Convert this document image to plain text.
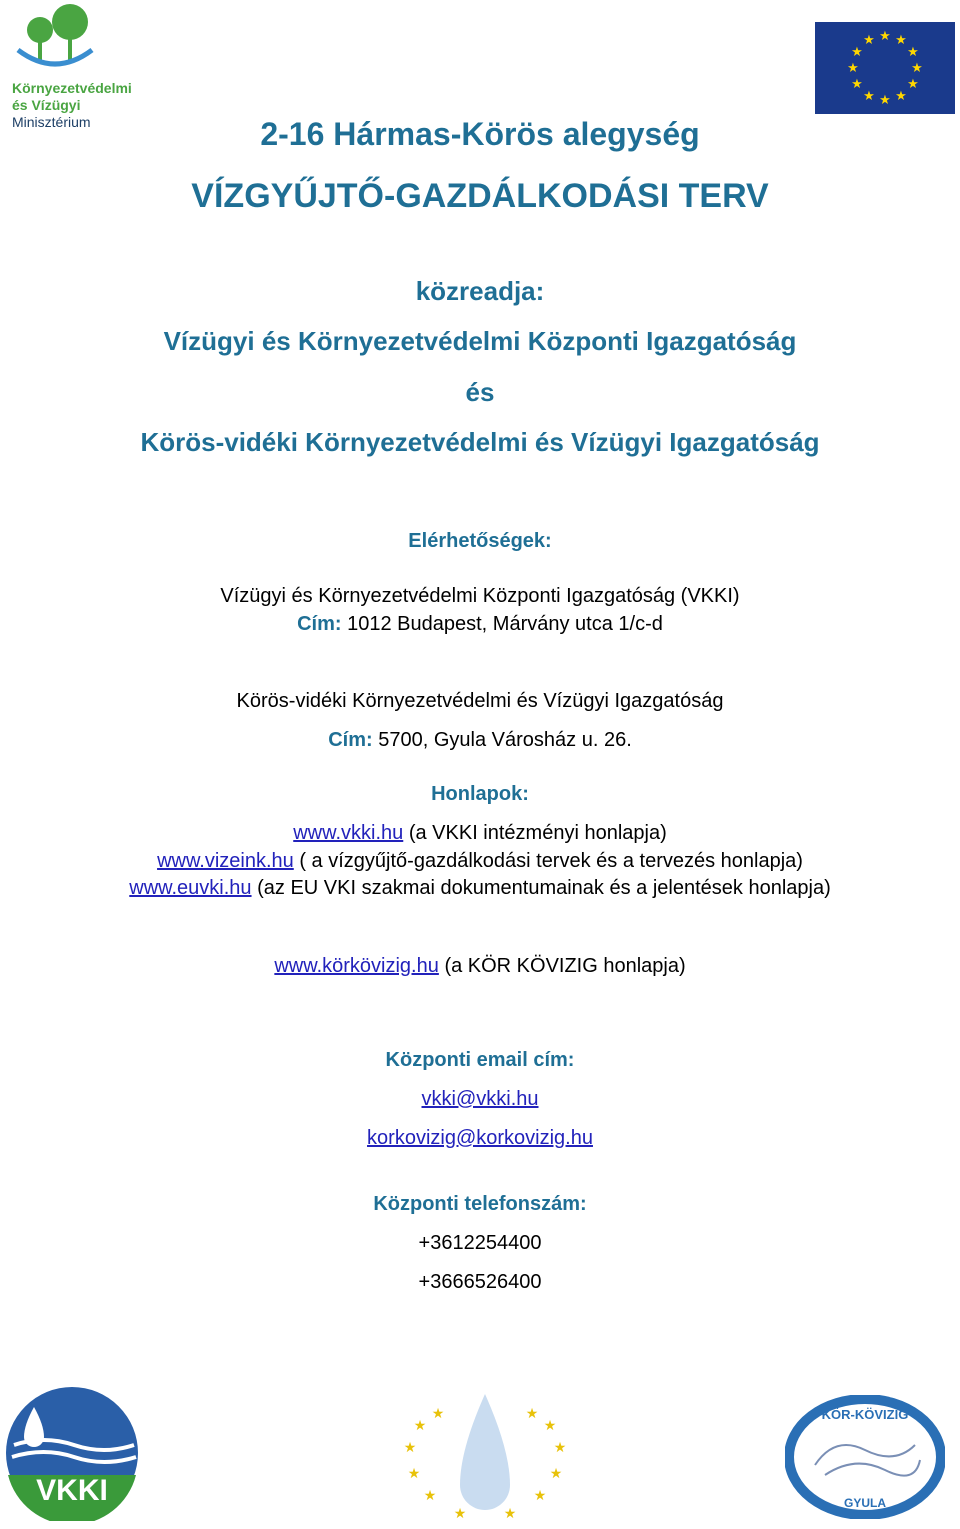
Környezetvédelmi
és Vízügyi
Minisztérium
★ ★
★
★
★
★
★
★
★
★
★
★
2-16 Hármas-Körös alegység
VÍZGYŰJTŐ-GAZDÁLKODÁSI TERV
közreadja:
Vízügyi és Környezetvédelmi Központi Igazgatóság
és
Körös-vidéki Környezetvédelmi és Vízügyi Igazgatóság
Elérhetőségek:
Vízügyi és Környezetvédelmi Központi Igazgatóság (VKKI)
Cím: 1012 Budapest, Márvány utca 1/c-d
Körös-vidéki Környezetvédelmi és Vízügyi Igazgatóság
Cím: 5700, Gyula Városház u. 26.
Honlapok:
www.vkki.hu (a VKKI intézményi honlapja)
www.vizeink.hu ( a vízgyűjtő-gazdálkodási tervek és a tervezés honlapja)
www.euvki.hu (az EU VKI szakmai dokumentumainak és a jelentések honlapja)
www.körkövizig.hu (a KÖR KÖVIZIG honlapja)
Központi email cím:
vkki@vkki.hu
korkovizig@korkovizig.hu
Központi telefonszám:
+3612254400
+3666526400
VKKI
★
★
★
★
★
★	★
★
★
★
★
★	KÖR-KÖVIZIG
GYULA
